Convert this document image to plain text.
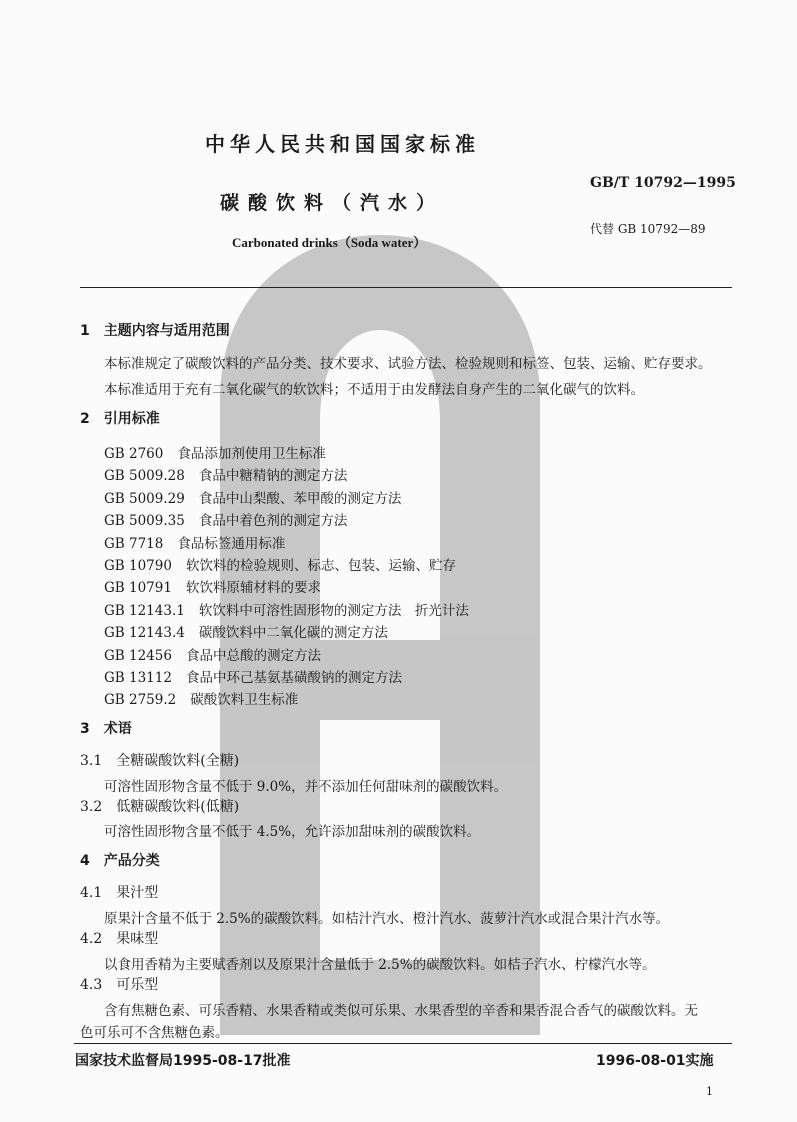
中华人民共和国国家标准
GB/T 10792—1995
碳酸饮料（汽水）
代替 GB 10792—89
Carbonated drinks（Soda water）
1　主题内容与适用范围
本标准规定了碳酸饮料的产品分类、技术要求、试验方法、检验规则和标签、包装、运输、贮存要求。
本标准适用于充有二氧化碳气的软饮料；不适用于由发酵法自身产生的二氧化碳气的饮料。
2　引用标准
GB 2760 食品添加剂使用卫生标准
GB 5009.28 食品中糖精钠的测定方法
GB 5009.29 食品中山梨酸、苯甲酸的测定方法
GB 5009.35 食品中着色剂的测定方法
GB 7718 食品标签通用标准
GB 10790 软饮料的检验规则、标志、包装、运输、贮存
GB 10791 软饮料原辅材料的要求
GB 12143.1 软饮料中可溶性固形物的测定方法　折光计法
GB 12143.4 碳酸饮料中二氧化碳的测定方法
GB 12456 食品中总酸的测定方法
GB 13112 食品中环己基氨基磺酸钠的测定方法
GB 2759.2 碳酸饮料卫生标准
3　术语
3.1　全糖碳酸饮料(全糖)
可溶性固形物含量不低于 9.0%，并不添加任何甜味剂的碳酸饮料。
3.2　低糖碳酸饮料(低糖)
可溶性固形物含量不低于 4.5%，允许添加甜味剂的碳酸饮料。
4　产品分类
4.1　果汁型
原果汁含量不低于 2.5%的碳酸饮料。如桔汁汽水、橙汁汽水、菠萝汁汽水或混合果汁汽水等。
4.2　果味型
以食用香精为主要赋香剂以及原果汁含量低于 2.5%的碳酸饮料。如桔子汽水、柠檬汽水等。
4.3　可乐型
含有焦糖色素、可乐香精、水果香精或类似可乐果、水果香型的辛香和果香混合香气的碳酸饮料。无
色可乐可不含焦糖色素。
国家技术监督局1995-08-17批准	1996-08-01实施
1
